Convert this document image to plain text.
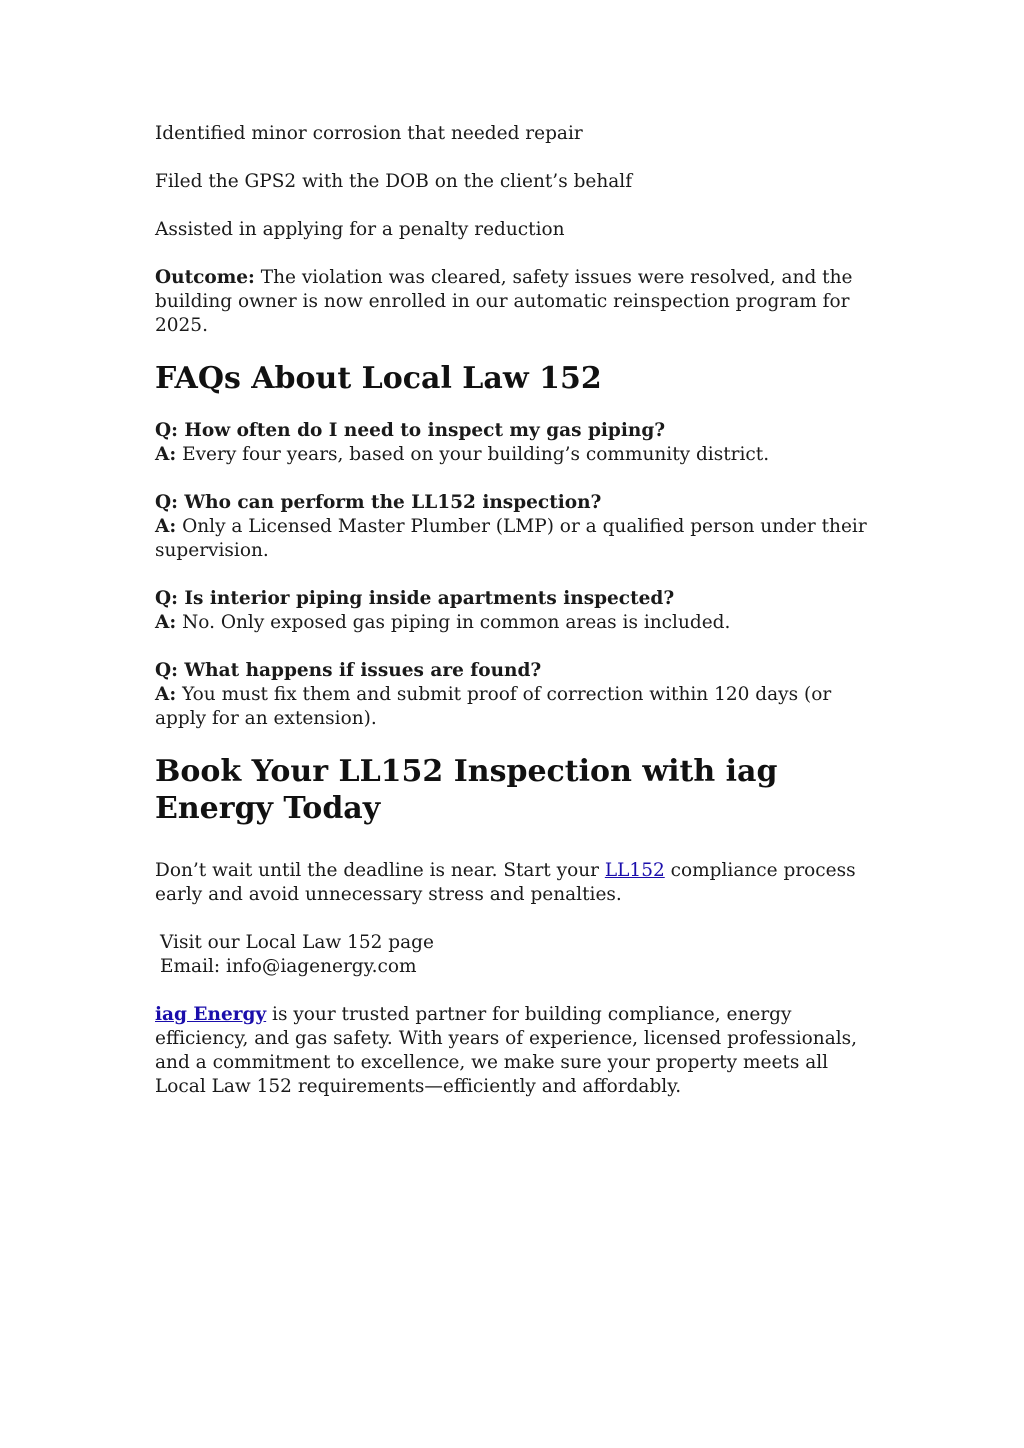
Identified minor corrosion that needed repair

Filed the GPS2 with the DOB on the client’s behalf

Assisted in applying for a penalty reduction

Outcome: The violation was cleared, safety issues were resolved, and the building owner is now enrolled in our automatic reinspection program for 2025.

FAQs About Local Law 152

Q: How often do I need to inspect my gas piping?

A: Every four years, based on your building’s community district.

Q: Who can perform the LL152 inspection?

A: Only a Licensed Master Plumber (LMP) or a qualified person under their supervision.

Q: Is interior piping inside apartments inspected?

A: No. Only exposed gas piping in common areas is included.

Q: What happens if issues are found?

A: You must fix them and submit proof of correction within 120 days (or apply for an extension).

Book Your LL152 Inspection with iag Energy Today

Don’t wait until the deadline is near. Start your LL152 compliance process early and avoid unnecessary stress and penalties.

Visit our Local Law 152 page

Email: info@iagenergy.com

iag Energy is your trusted partner for building compliance, energy efficiency, and gas safety. With years of experience, licensed professionals, and a commitment to excellence, we make sure your property meets all Local Law 152 requirements—efficiently and affordably.
